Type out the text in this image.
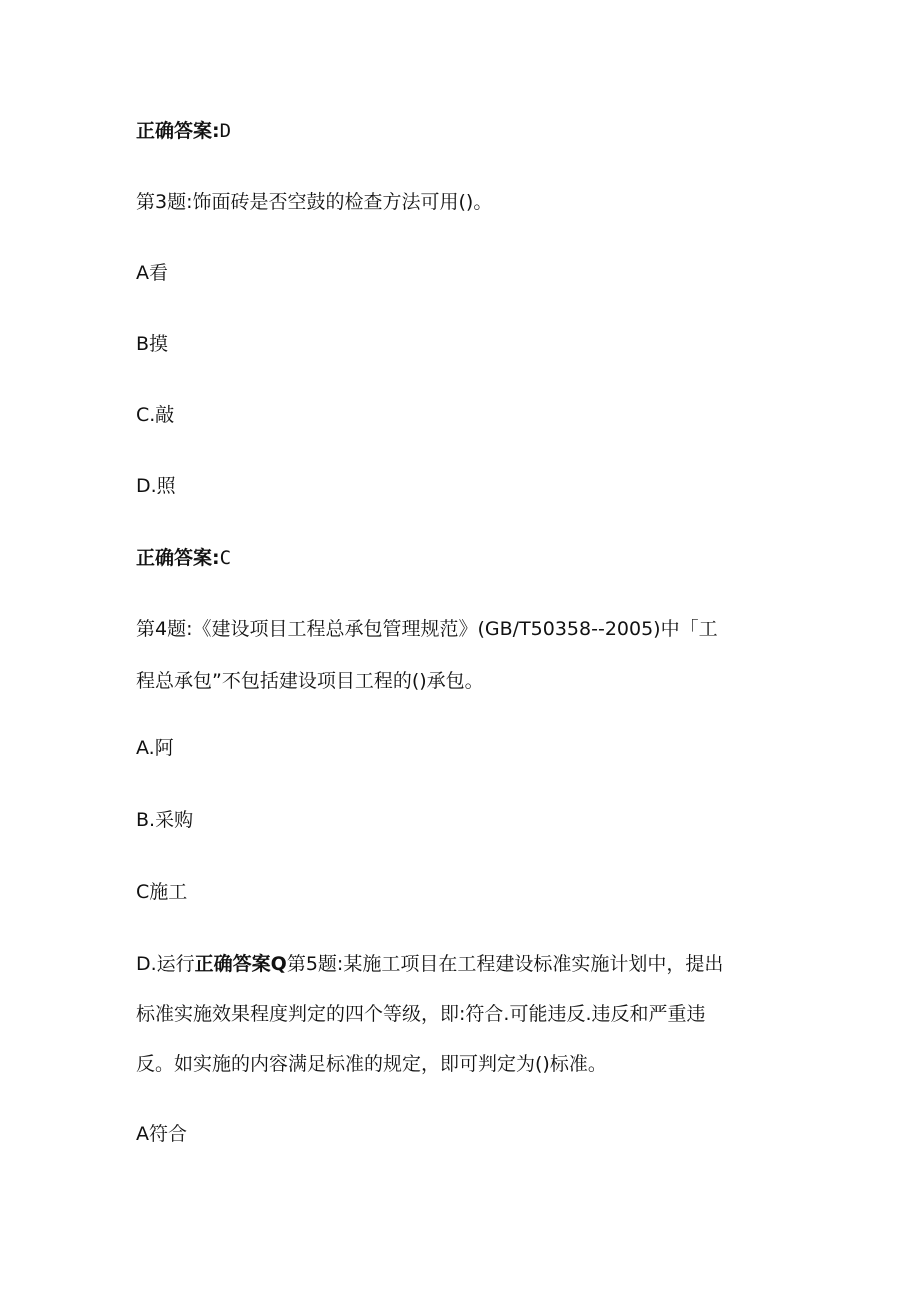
正确答案:D
第3题:饰面砖是否空鼓的检查方法可用()。
A看
B摸
C.敲
D.照
正确答案:C
第4题:《建设项目工程总承包管理规范》(GB/T50358--2005)中「工
程总承包”不包括建设项目工程的()承包。
A.阿
B.采购
C施工
D.运行正确答案Q第5题:某施工项目在工程建设标准实施计划中，提出
标准实施效果程度判定的四个等级，即:符合.可能违反.违反和严重违
反。如实施的内容满足标准的规定，即可判定为()标准。
A符合
